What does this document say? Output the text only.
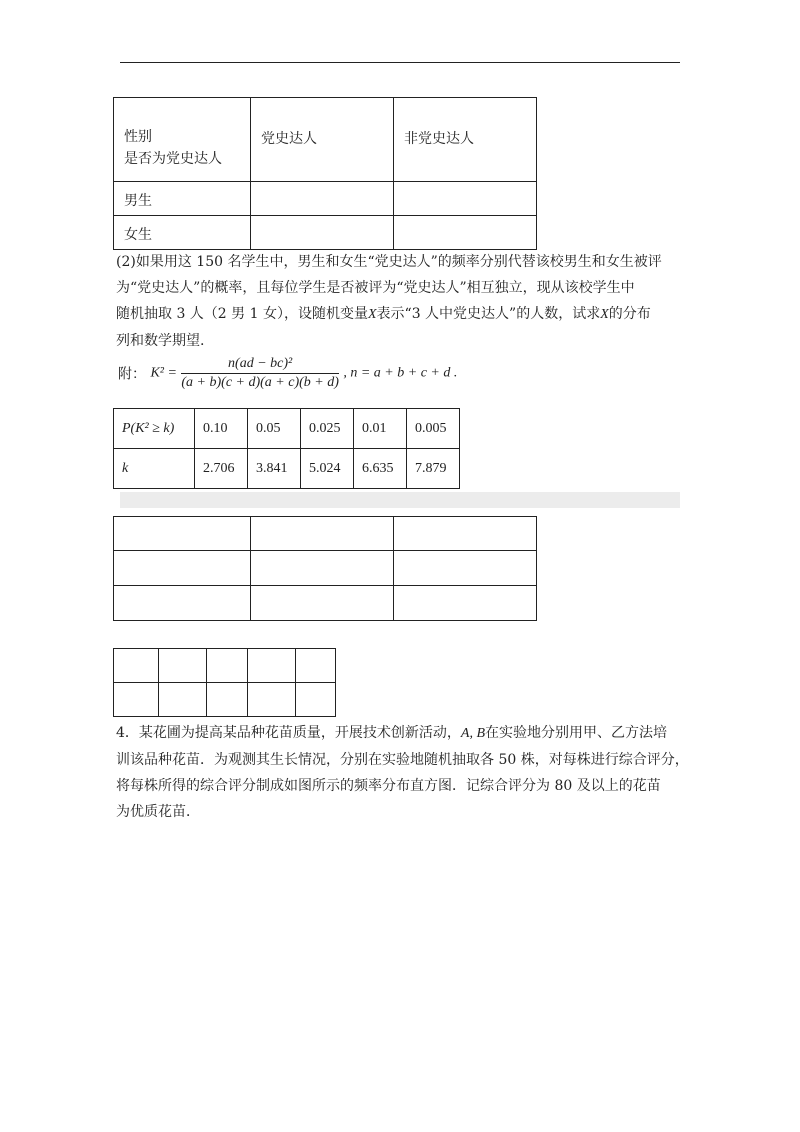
性别
是否为党史达人	党史达人	非党史达人
男生		
女生		
(2)如果用这 150 名学生中，男生和女生“党史达人”的频率分别代替该校男生和女生被评
为“党史达人”的概率，且每位学生是否被评为“党史达人”相互独立，现从该校学生中
随机抽取 3 人（2 男 1 女），设随机变量X表示“3 人中党史达人”的人数，试求X的分布
列和数学期望.
附： $K^2 = \frac{\text{n(ad − bc)²}}{(a + b)(c + d)(a + c)(b + d)}$ , n = a + b + c + d .
P(K² ≥ k)	0.10	0.05	0.025	0.01	0.005
k	2.706	3.841	5.024	6.635	7.879

4．某花圃为提高某品种花苗质量，开展技术创新活动，A, B在实验地分别用甲、乙方法培
训该品种花苗．为观测其生长情况，分别在实验地随机抽取各 50 株，对每株进行综合评分，
将每株所得的综合评分制成如图所示的频率分布直方图．记综合评分为 80 及以上的花苗
为优质花苗．
